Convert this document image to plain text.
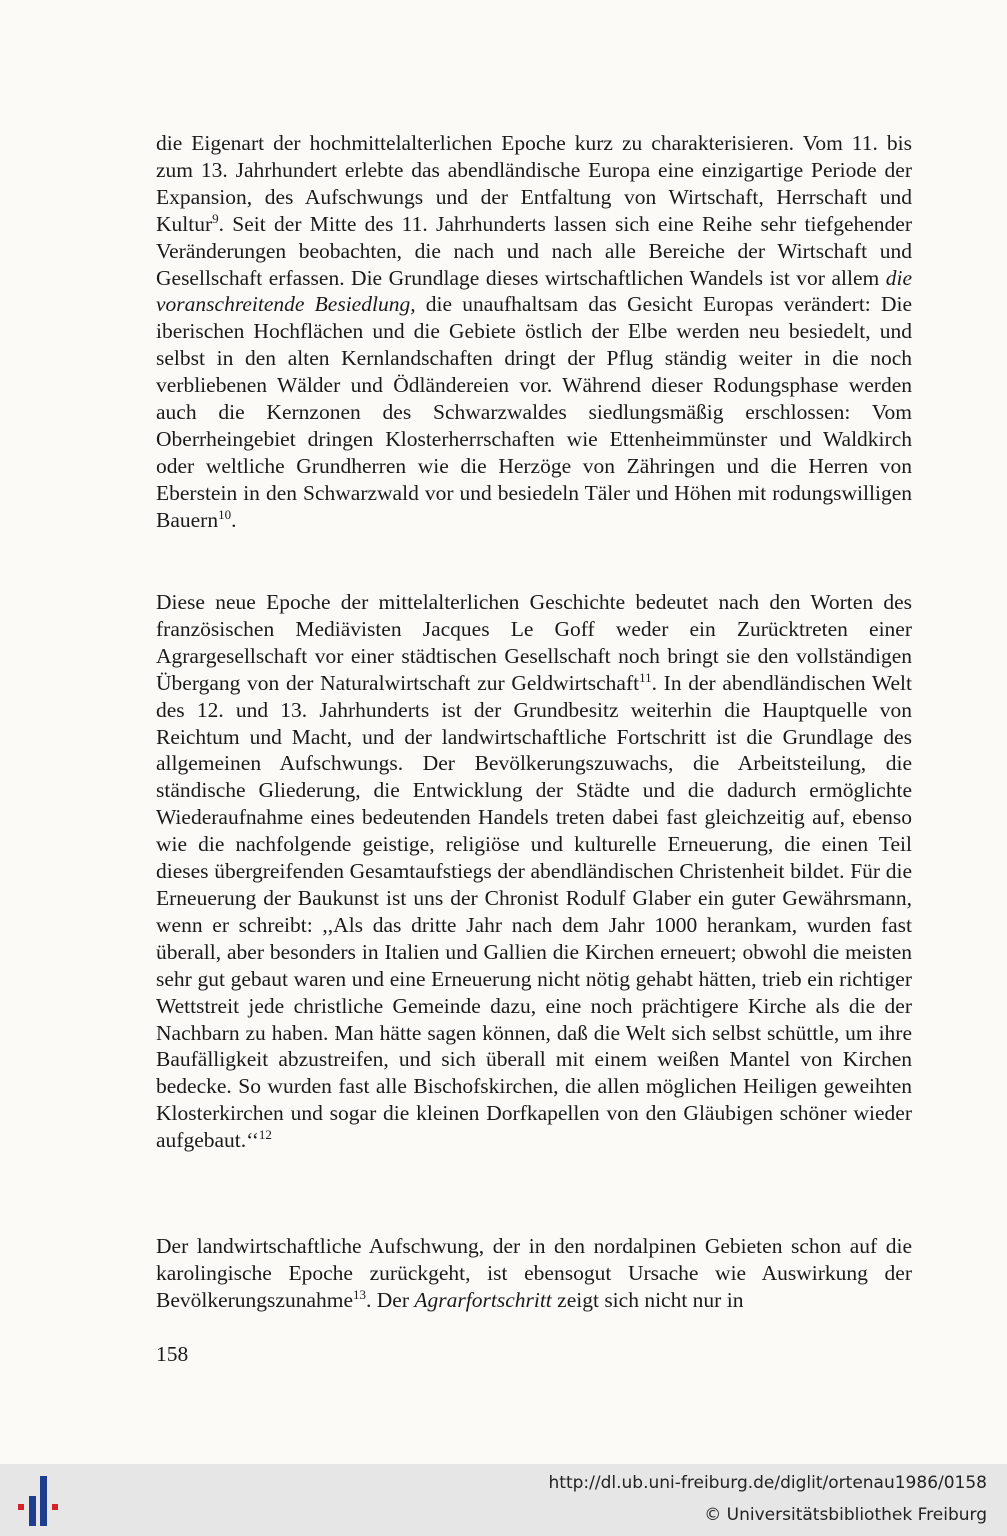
die Eigenart der hochmittelalterlichen Epoche kurz zu charakterisieren. Vom 11. bis zum 13. Jahrhundert erlebte das abendländische Europa eine einzigartige Periode der Expansion, des Aufschwungs und der Entfaltung von Wirtschaft, Herrschaft und Kultur$^9$. Seit der Mitte des 11. Jahrhunderts lassen sich eine Reihe sehr tiefgehender Veränderungen beobachten, die nach und nach alle Bereiche der Wirtschaft und Gesellschaft erfassen. Die Grundlage dieses wirtschaftlichen Wandels ist vor allem die voranschreitende Besiedlung, die unaufhaltsam das Gesicht Europas verändert: Die iberischen Hochflächen und die Gebiete östlich der Elbe werden neu besiedelt, und selbst in den alten Kernlandschaften dringt der Pflug ständig weiter in die noch verbliebenen Wälder und Ödländereien vor. Während dieser Rodungsphase werden auch die Kernzonen des Schwarzwaldes siedlungsmäßig erschlossen: Vom Oberrheingebiet dringen Klosterherrschaften wie Ettenheimmünster und Waldkirch oder weltliche Grundherren wie die Herzöge von Zähringen und die Herren von Eberstein in den Schwarzwald vor und besiedeln Täler und Höhen mit rodungswilligen Bauern$^{10}$.

Diese neue Epoche der mittelalterlichen Geschichte bedeutet nach den Worten des französischen Mediävisten Jacques Le Goff weder ein Zurücktreten einer Agrargesellschaft vor einer städtischen Gesellschaft noch bringt sie den vollständigen Übergang von der Naturalwirtschaft zur Geldwirtschaft$^{11}$. In der abendländischen Welt des 12. und 13. Jahrhunderts ist der Grundbesitz weiterhin die Hauptquelle von Reichtum und Macht, und der landwirtschaftliche Fortschritt ist die Grundlage des allgemeinen Aufschwungs. Der Bevölkerungszuwachs, die Arbeitsteilung, die ständische Gliederung, die Entwicklung der Städte und die dadurch ermöglichte Wiederaufnahme eines bedeutenden Handels treten dabei fast gleichzeitig auf, ebenso wie die nachfolgende geistige, religiöse und kulturelle Erneuerung, die einen Teil dieses übergreifenden Gesamtaufstiegs der abendländischen Christenheit bildet. Für die Erneuerung der Baukunst ist uns der Chronist Rodulf Glaber ein guter Gewährsmann, wenn er schreibt: ,,Als das dritte Jahr nach dem Jahr 1000 herankam, wurden fast überall, aber besonders in Italien und Gallien die Kirchen erneuert; obwohl die meisten sehr gut gebaut waren und eine Erneuerung nicht nötig gehabt hätten, trieb ein richtiger Wettstreit jede christliche Gemeinde dazu, eine noch prächtigere Kirche als die der Nachbarn zu haben. Man hätte sagen können, daß die Welt sich selbst schüttle, um ihre Baufälligkeit abzustreifen, und sich überall mit einem weißen Mantel von Kirchen bedecke. So wurden fast alle Bischofskirchen, die allen möglichen Heiligen geweihten Klosterkirchen und sogar die kleinen Dorfkapellen von den Gläubigen schöner wieder aufgebaut.‘‘$^{12}$

Der landwirtschaftliche Aufschwung, der in den nordalpinen Gebieten schon auf die karolingische Epoche zurückgeht, ist ebensogut Ursache wie Auswirkung der Bevölkerungszunahme$^{13}$. Der Agrarfortschritt zeigt sich nicht nur in

158
http://dl.ub.uni-freiburg.de/diglit/ortenau1986/0158
© Universitätsbibliothek Freiburg
